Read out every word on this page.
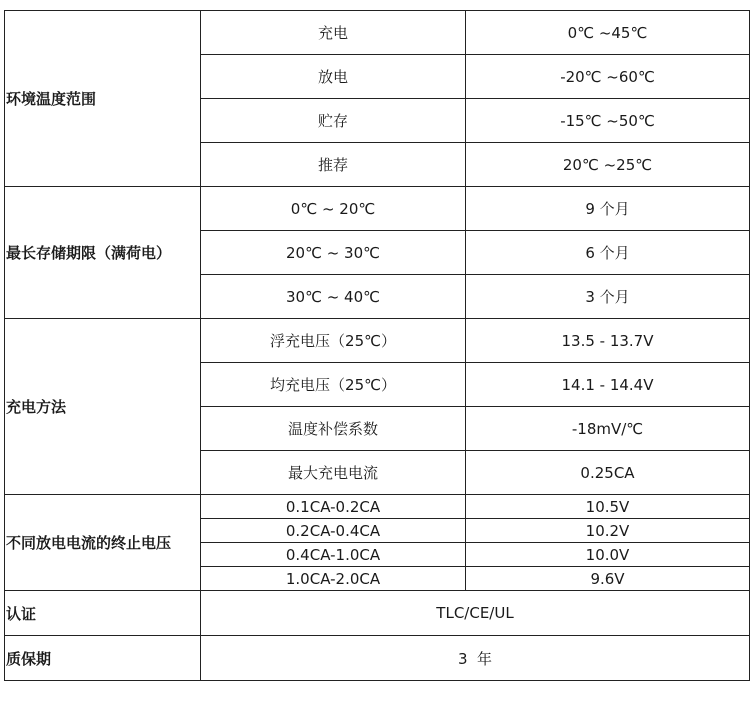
环境温度范围	充电	0℃ ~45℃
	放电	-20℃ ~60℃
	贮存	-15℃ ~50℃
	推荐	20℃ ~25℃
最长存储期限（满荷电）	0℃ ~ 20℃	9 个月
	20℃ ~ 30℃	6 个月
	30℃ ~ 40℃	3 个月
充电方法	浮充电压（25℃）	13.5 - 13.7V
	均充电压（25℃）	14.1 - 14.4V
	温度补偿系数	-18mV/℃
	最大充电电流	0.25CA
不同放电电流的终止电压	0.1CA-0.2CA	10.5V
	0.2CA-0.4CA	10.2V
	0.4CA-1.0CA	10.0V
	1.0CA-2.0CA	9.6V
认证	TLC/CE/UL	
质保期	3  年	
